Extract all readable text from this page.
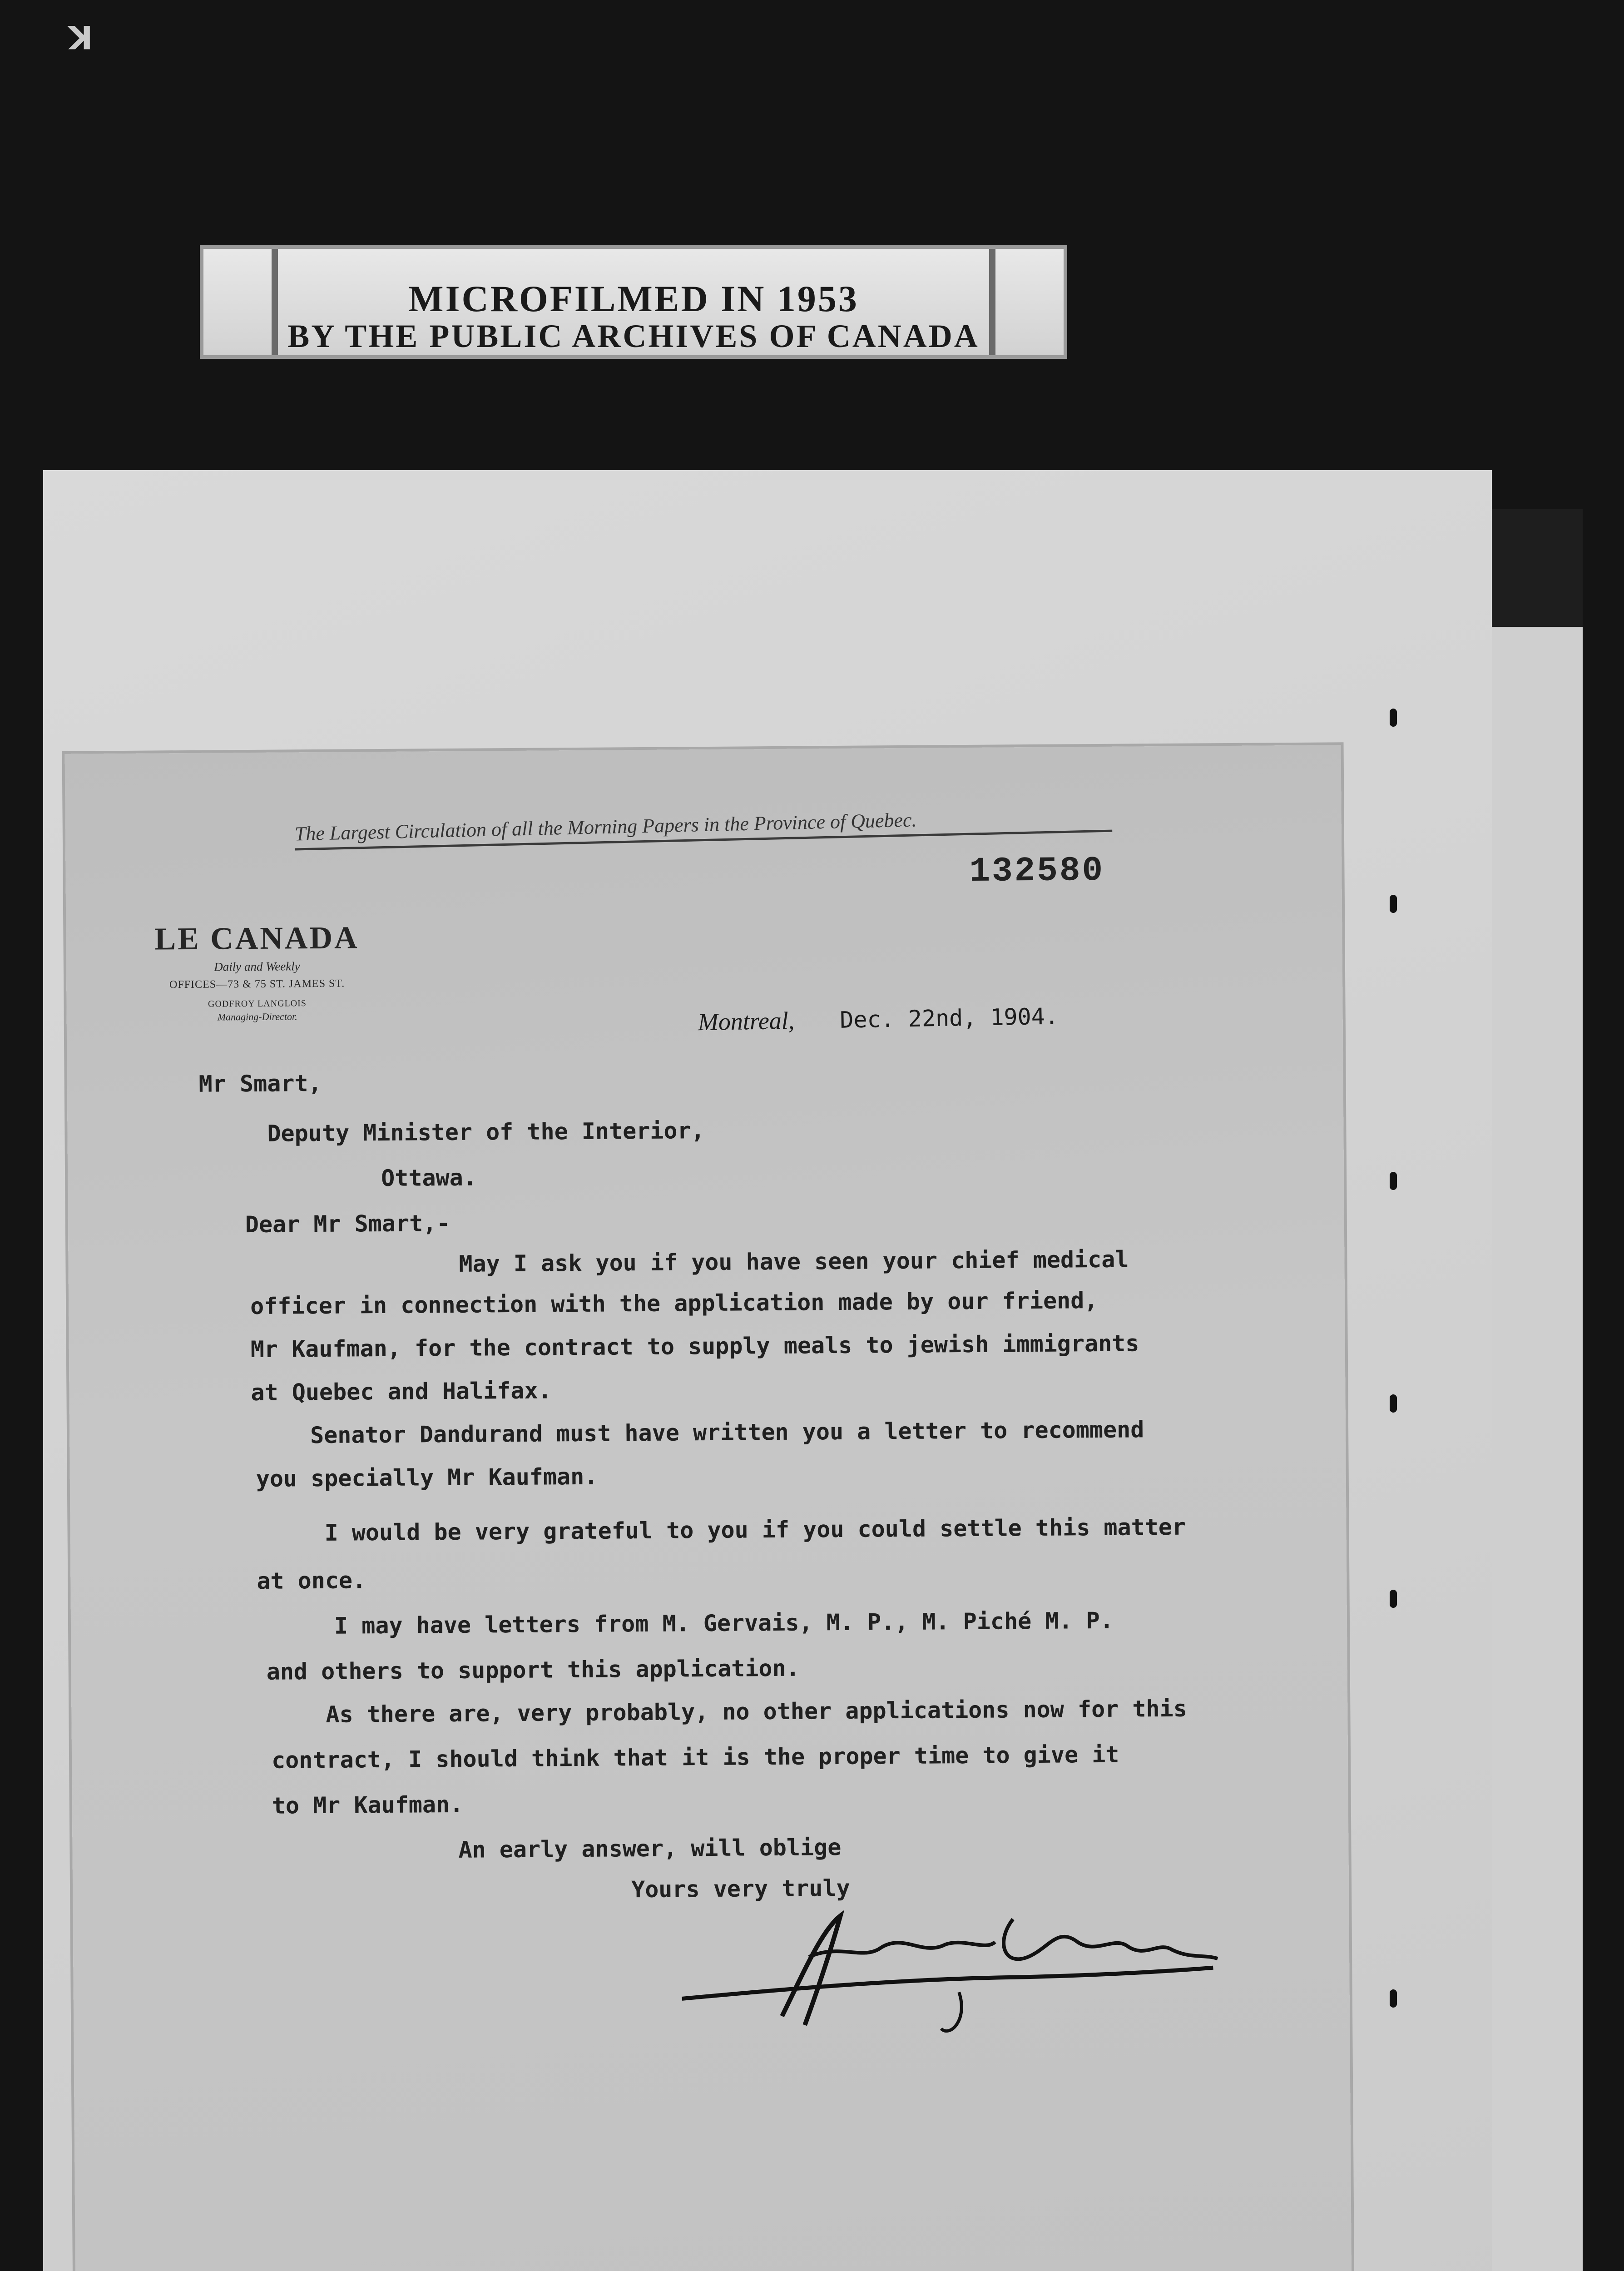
K
MICROFILMED IN 1953
BY THE PUBLIC ARCHIVES OF CANADA
The Largest Circulation of all the Morning Papers in the Province of Quebec.
132580
LE CANADA
Daily and Weekly
OFFICES—73 & 75 ST. JAMES ST.
GODFROY LANGLOIS
Managing-Director.	Montreal, Dec. 22nd, 1904.
Mr Smart,
Deputy Minister of the Interior,
Ottawa.
Dear Mr Smart,-
May I ask you if you have seen your chief medical
officer in connection with the application made by our friend,
Mr Kaufman, for the contract to supply meals to jewish immigrants
at Quebec and Halifax.
Senator Dandurand must have written you a letter to recommend
you specially Mr Kaufman.
I would be very grateful to you if you could settle this matter
at once.
I may have letters from M. Gervais, M. P., M. Piché M. P.
and others to support this application.
As there are, very probably, no other applications now for this
contract, I should think that it is the proper time to give it
to Mr Kaufman.
An early answer, will oblige
Yours very truly
